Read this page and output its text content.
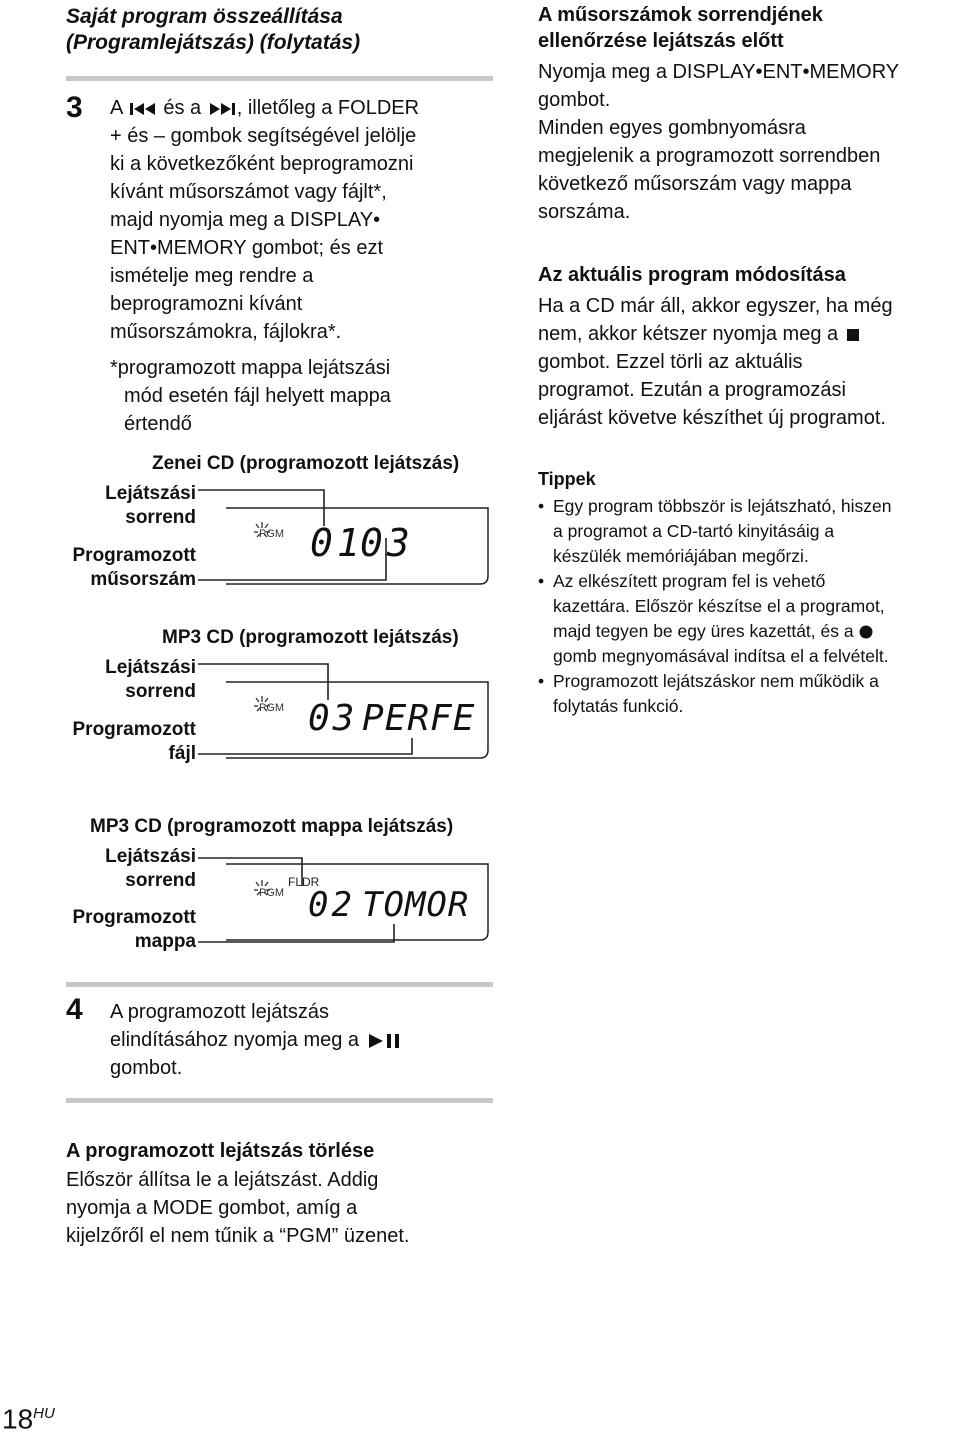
Saját program összeállítása
(Programlejátszás) (folytatás)
3 A és a , illetőleg a FOLDER
+ és – gombok segítségével jelölje
ki a következőként beprogramozni
kívánt műsorszámot vagy fájlt*,
majd nyomja meg a DISPLAY•
ENT•MEMORY gombot; és ezt
ismételje meg rendre a
beprogramozni kívánt
műsorszámokra, fájlokra*.
*programozott mappa lejátszási
mód esetén fájl helyett mappa
értendő
Zenei CD (programozott lejátszás)
Lejátszási
sorrend
Programozott
műsorszám
PGM 01
03
MP3 CD (programozott lejátszás)
Lejátszási
sorrend
Programozott
fájl
PGM 03 PERFE
MP3 CD (programozott mappa lejátszás)
Lejátszási
sorrend
Programozott
mappa
PGM
FLDR
02 TOMOR
4 A programozott lejátszás
elindításához nyomja meg a
gombot.
A programozott lejátszás törlése
Először állítsa le a lejátszást. Addig
nyomja a MODE gombot, amíg a
kijelzőről el nem tűnik a “PGM” üzenet.
$18^{HU}$
A műsorszámok sorrendjének
ellenőrzése lejátszás előtt
Nyomja meg a DISPLAY•ENT•MEMORY
gombot.
Minden egyes gombnyomásra
megjelenik a programozott sorrendben
következő műsorszám vagy mappa
sorszáma.
Az aktuális program módosítása
Ha a CD már áll, akkor egyszer, ha még
nem, akkor kétszer nyomja meg a
gombot. Ezzel törli az aktuális
programot. Ezután a programozási
eljárást követve készíthet új programot.
Tippek
• Egy program többször is lejátszható, hiszen
a programot a CD-tartó kinyitásáig a
készülék memóriájában megőrzi.
• Az elkészített program fel is vehető
kazettára. Először készítse el a programot,
majd tegyen be egy üres kazettát, és a
gomb megnyomásával indítsa el a felvételt.
• Programozott lejátszáskor nem működik a
folytatás funkció.
